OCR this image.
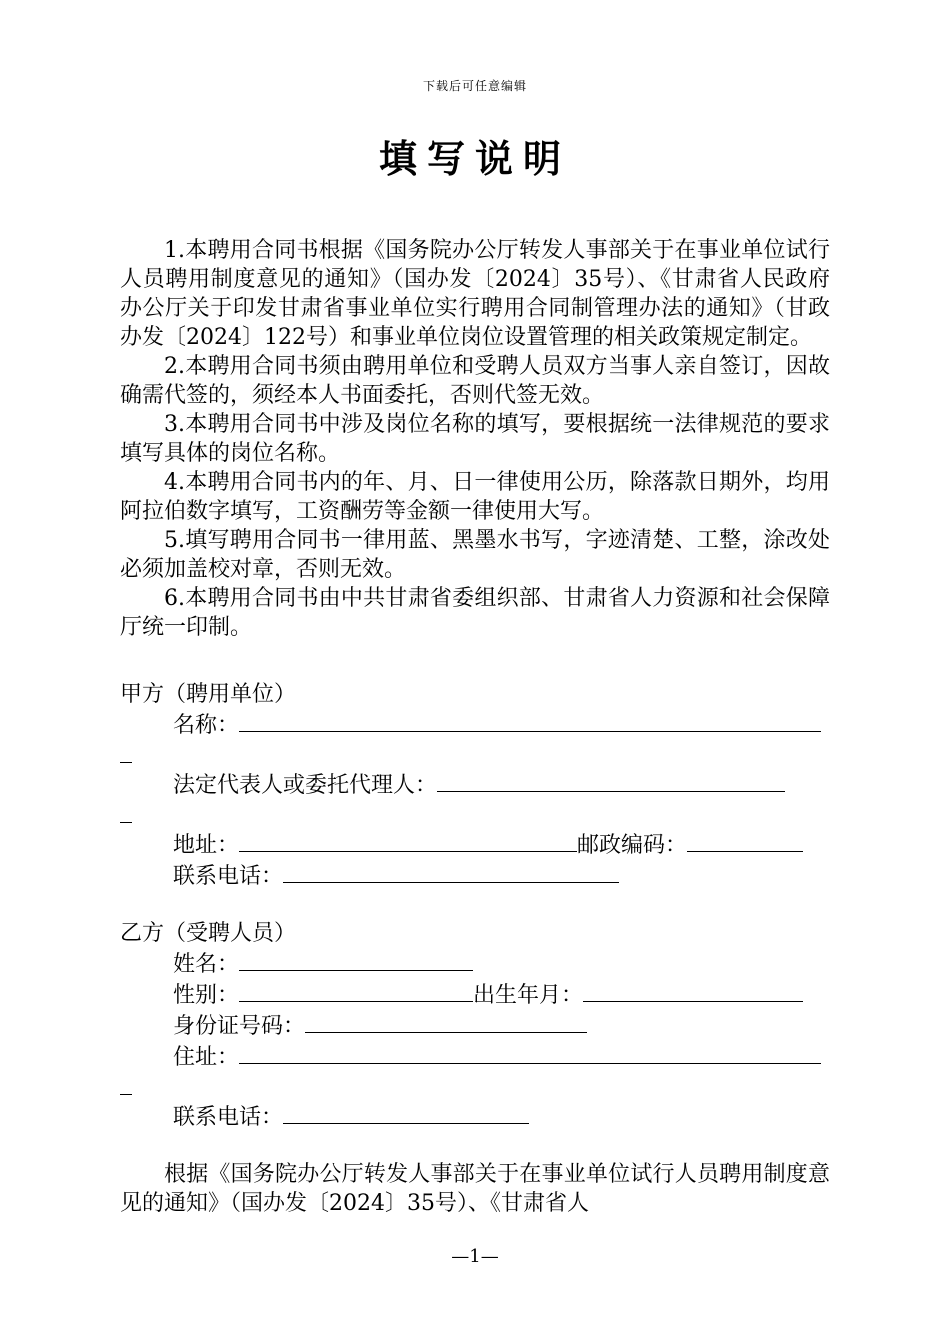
下载后可任意编辑
填写说明

1.本聘用合同书根据《国务院办公厅转发人事部关于在事业单位试行人员聘用制度意见的通知》（国办发〔2024〕35号）、《甘肃省人民政府办公厅关于印发甘肃省事业单位实行聘用合同制管理办法的通知》（甘政办发〔2024〕122号）和事业单位岗位设置管理的相关政策规定制定。

2.本聘用合同书须由聘用单位和受聘人员双方当事人亲自签订，因故确需代签的，须经本人书面委托，否则代签无效。

3.本聘用合同书中涉及岗位名称的填写，要根据统一法律规范的要求填写具体的岗位名称。

4.本聘用合同书内的年、月、日一律使用公历，除落款日期外，均用阿拉伯数字填写，工资酬劳等金额一律使用大写。

5.填写聘用合同书一律用蓝、黑墨水书写，字迹清楚、工整，涂改处必须加盖校对章，否则无效。

6.本聘用合同书由中共甘肃省委组织部、甘肃省人力资源和社会保障厅统一印制。

甲方（聘用单位）

名称：

法定代表人或委托代理人：

地址：	邮政编码：

联系电话：

乙方（受聘人员）

姓名：

性别：	出生年月：

身份证号码：

住址：

联系电话：

根据《国务院办公厅转发人事部关于在事业单位试行人员聘用制度意见的通知》（国办发〔2024〕35号）、《甘肃省人

—1—
